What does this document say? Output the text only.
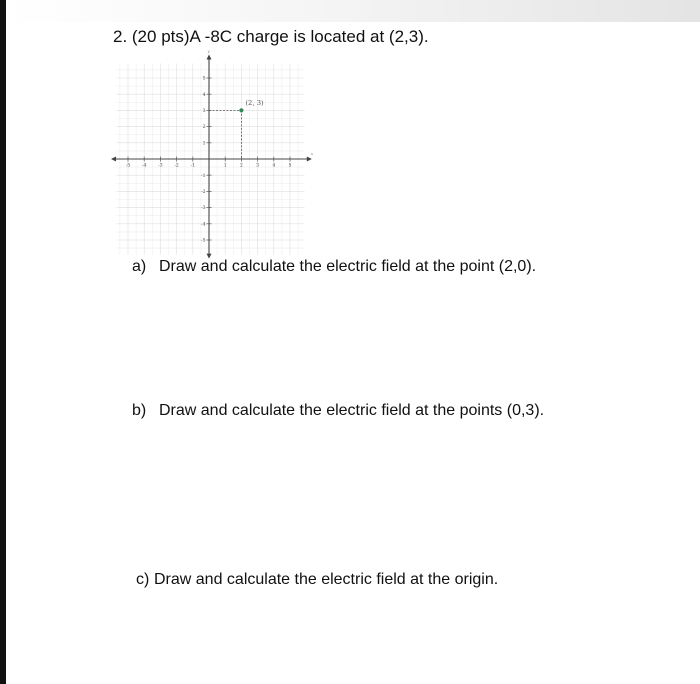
2. (20 pts)A -8C charge is located at (2,3).
x
y
-5	-4	-3	-2	-1	1	2	3	4	5
5
4
3
2
1
-1
-2
-3
-4
-5
(2, 3)
a) Draw and calculate the electric field at the point (2,0).
b) Draw and calculate the electric field at the points (0,3).
c) Draw and calculate the electric field at the origin.
